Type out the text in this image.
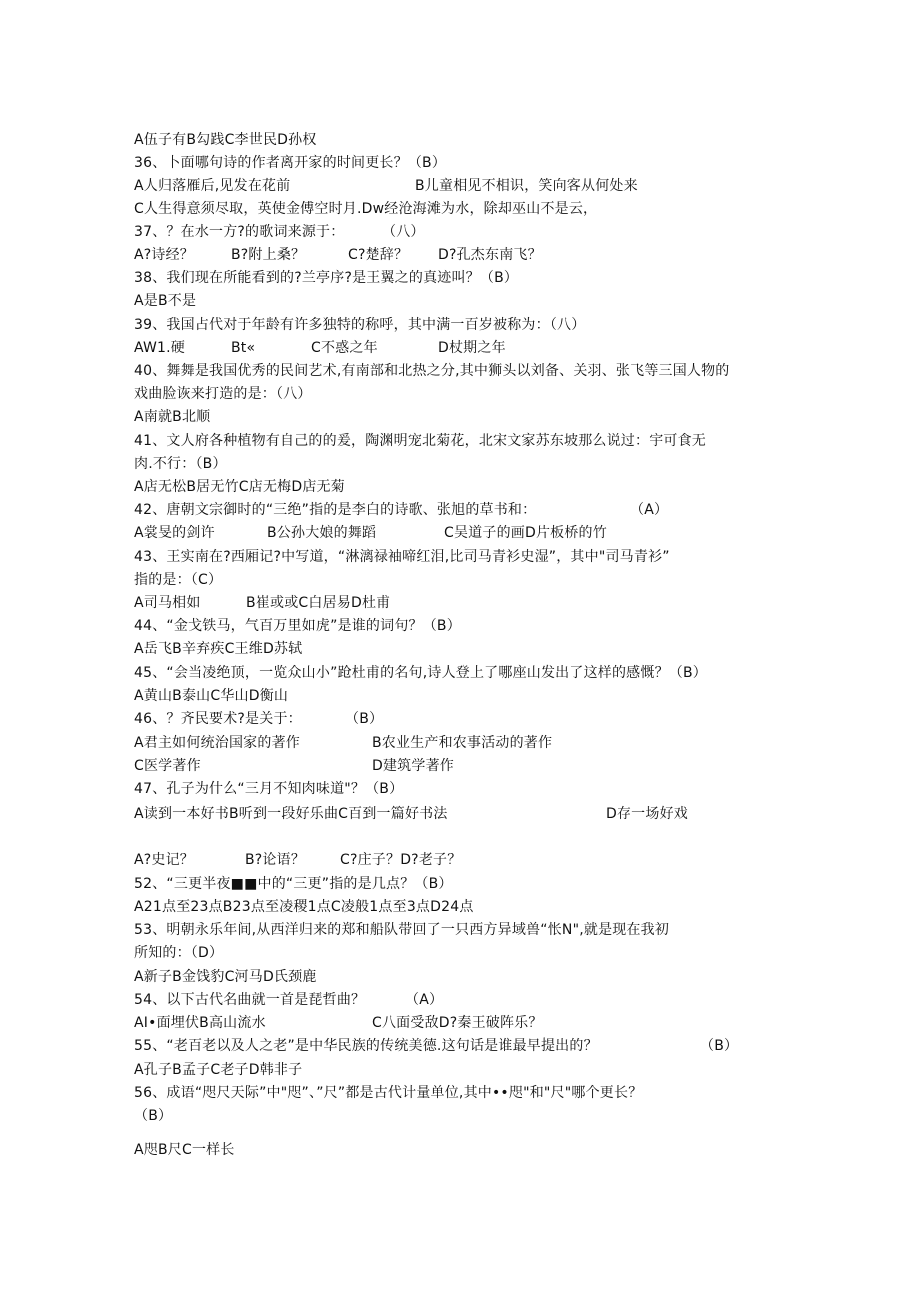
A伍子有B勾践C李世民D孙权
36、卜面哪句诗的作者离开家的时间更长？（B）
A人归落雁后,见发在花前	B儿童相见不相识，笑向客从何处来
C人生得意须尽取，英使金傅空时月.Dw经沧海滩为水，除却巫山不是云，
37、？在水一方?的歌词来源于：	（八）
A?诗经？	B?附上桑？	C?楚辞？ D?孔杰东南飞？
38、我们现在所能看到的?兰亭序?是王翼之的真迹叫？（B）
A是B不是
39、我国占代对于年龄有许多独特的称呼，其中满一百岁被称为：（八）
AW1.硬	Bt«	C不惑之年	D杖期之年
40、舞舞是我国优秀的民间艺术,有南部和北热之分,其中狮头以刘备、关羽、张飞等三国人物的
戏曲脸诙来打造的是：（八）
A南就B北顺
41、文人府各种植物有自己的的爰，陶渊明宠北菊花，北宋文家苏东坡那么说过：宇可食无
肉.不行：（B）
A店无松B居无竹C店无梅D店无菊
42、唐朝文宗御时的“三绝”指的是李白的诗歌、张旭的草书和：	（A）
A裳旻的剑许	B公孙大娘的舞蹈	C吴道子的画D片板桥的竹
43、王实南在?西厢记?中写道，“淋漓禄袖啼红泪,比司马青衫史湿”，其中"司马青衫”
指的是：（C）
A司马相如	B崔或或C白居易D杜甫
44、“金戈铁马，气百万里如虎”是谁的词句？（B）
A岳飞B辛弃疾C王维D苏轼
45、“会当凌绝顶，一览众山小”跄杜甫的名句,诗人登上了哪座山发出了这样的感慨？（B）
A黄山B泰山C华山D衡山
46、？齐民要术?是关于：	（B）
A君主如何统治国家的著作	B农业生产和农事活动的著作
C医学著作	D建筑学著作
47、孔子为什么“三月不知肉味道"？（B）
A读到一本好书B听到一段好乐曲C百到一篇好书法	D存一场好戏
A?史记？	B?论语？ C?庄子？D?老子？
52、“三更半夜■■中的“三更”指的是几点？（B）
A21点至23点B23点至凌稷1点C凌般1点至3点D24点
53、明朝永乐年间,从西洋归来的郑和船队带回了一只西方异域兽“怅N",就是现在我初
所知的：（D）
A新子B金饯豹C河马D氏颈鹿
54、以下古代名曲就一首是琵哲曲？	（A）
AI•面埋伏B高山流水	C八面受敌D?秦王破阵乐？
55、“老百老以及人之老”是中华民族的传统美德.这句话是谁最早提出的？	（B）
A孔子B孟子C老子D韩非子
56、成语“咫尺天际”中"咫”、”尺”都是古代计量单位,其中••咫"和"尺"哪个更长？
（B）
A咫B尺C一样长
